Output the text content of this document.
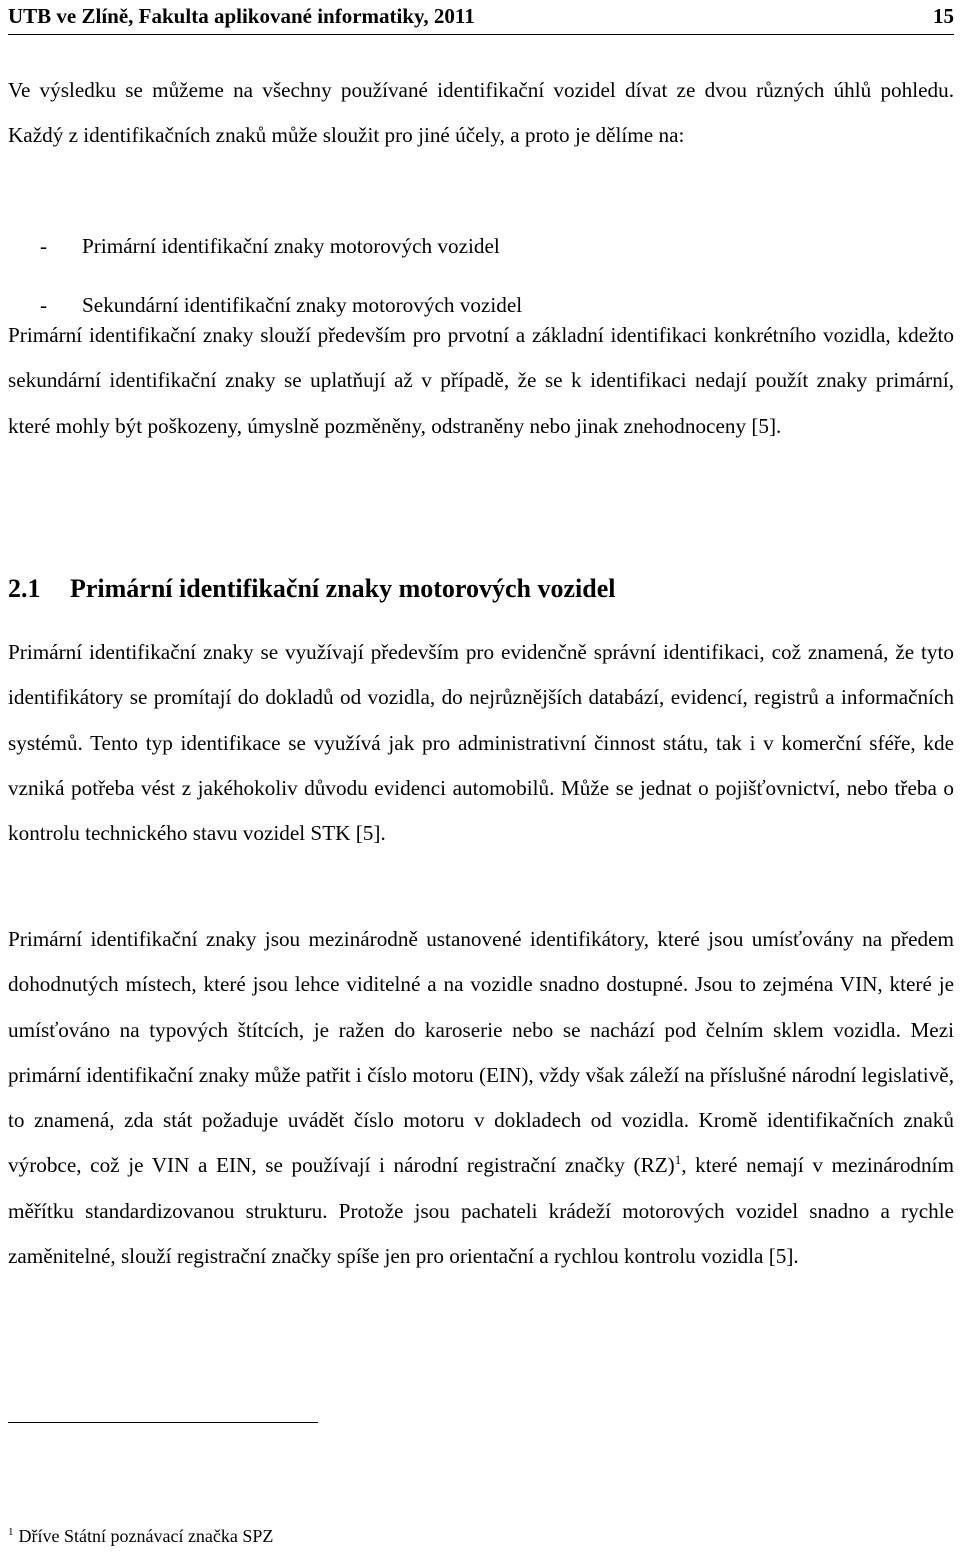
UTB ve Zlíně, Fakulta aplikované informatiky, 2011	15

Ve výsledku se můžeme na všechny používané identifikační vozidel dívat ze dvou různých úhlů pohledu. Každý z identifikačních znaků může sloužit pro jiné účely, a proto je dělíme na:

- Primární identifikační znaky motorových vozidel
- Sekundární identifikační znaky motorových vozidel

Primární identifikační znaky slouží především pro prvotní a základní identifikaci konkrétního vozidla, kdežto sekundární identifikační znaky se uplatňují až v případě, že se k identifikaci nedají použít znaky primární, které mohly být poškozeny, úmyslně pozměněny, odstraněny nebo jinak znehodnoceny [5].

2.1 Primární identifikační znaky motorových vozidel

Primární identifikační znaky se využívají především pro evidenčně správní identifikaci, což znamená, že tyto identifikátory se promítají do dokladů od vozidla, do nejrůznějších databází, evidencí, registrů a informačních systémů. Tento typ identifikace se využívá jak pro administrativní činnost státu, tak i v komerční sféře, kde vzniká potřeba vést z jakéhokoliv důvodu evidenci automobilů. Může se jednat o pojišťovnictví, nebo třeba o kontrolu technického stavu vozidel STK [5].

Primární identifikační znaky jsou mezinárodně ustanovené identifikátory, které jsou umísťovány na předem dohodnutých místech, které jsou lehce viditelné a na vozidle snadno dostupné. Jsou to zejména VIN, které je umísťováno na typových štítcích, je ražen do karoserie nebo se nachází pod čelním sklem vozidla. Mezi primární identifikační znaky může patřit i číslo motoru (EIN), vždy však záleží na příslušné národní legislativě, to znamená, zda stát požaduje uvádět číslo motoru v dokladech od vozidla. Kromě identifikačních znaků výrobce, což je VIN a EIN, se používají i národní registrační značky (RZ)$^1$, které nemají v mezinárodním měřítku standardizovanou strukturu. Protože jsou pachateli krádeží motorových vozidel snadno a rychle zaměnitelné, slouží registrační značky spíše jen pro orientační a rychlou kontrolu vozidla [5].

$^1$ Dříve Státní poznávací značka SPZ
